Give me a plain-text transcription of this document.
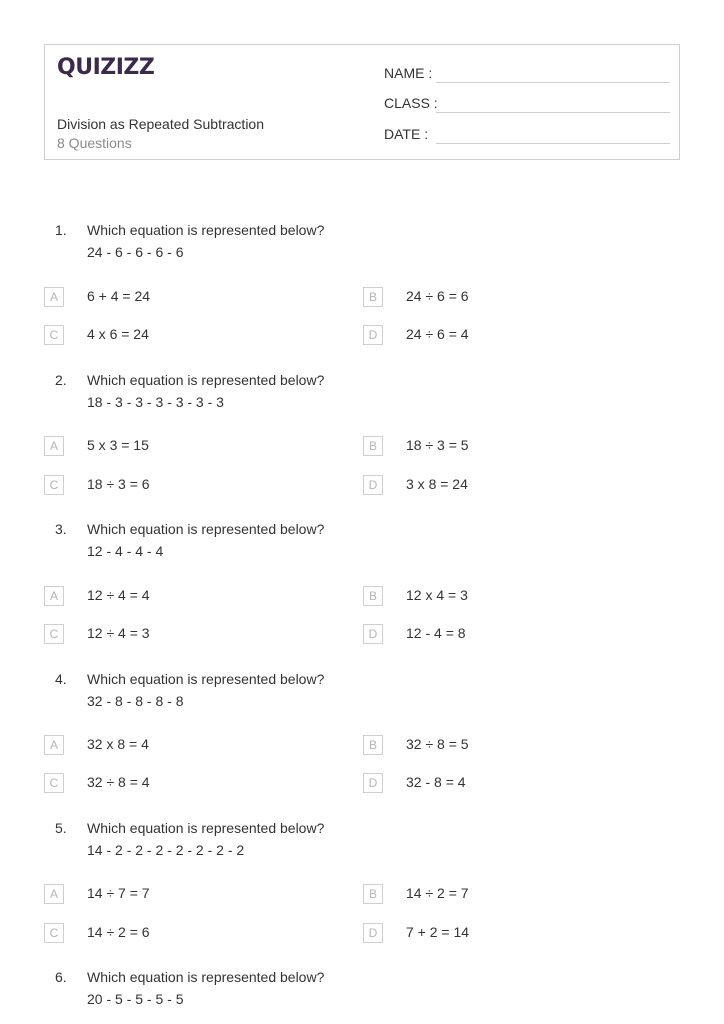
QUIZIZZ
Division as Repeated Subtraction
8 Questions
NAME :
CLASS :
DATE :
1. Which equation is represented below?
24 - 6 - 6 - 6 - 6
A	6 + 4 = 24	B	24 ÷ 6 = 6
C	4 x 6 = 24	D	24 ÷ 6 = 4
2. Which equation is represented below?
18 - 3 - 3 - 3 - 3 - 3 - 3
A	5 x 3 = 15	B	18 ÷ 3 = 5
C	18 ÷ 3 = 6	D	3 x 8 = 24
3. Which equation is represented below?
12 - 4 - 4 - 4
A	12 ÷ 4 = 4	B	12 x 4 = 3
C	12 ÷ 4 = 3	D	12 - 4 = 8
4. Which equation is represented below?
32 - 8 - 8 - 8 - 8
A	32 x 8 = 4	B	32 ÷ 8 = 5
C	32 ÷ 8 = 4	D	32 - 8 = 4
5. Which equation is represented below?
14 - 2 - 2 - 2 - 2 - 2 - 2 - 2
A	14 ÷ 7 = 7	B	14 ÷ 2 = 7
C	14 ÷ 2 = 6	D	7 + 2 = 14
6. Which equation is represented below?
20 - 5 - 5 - 5 - 5
